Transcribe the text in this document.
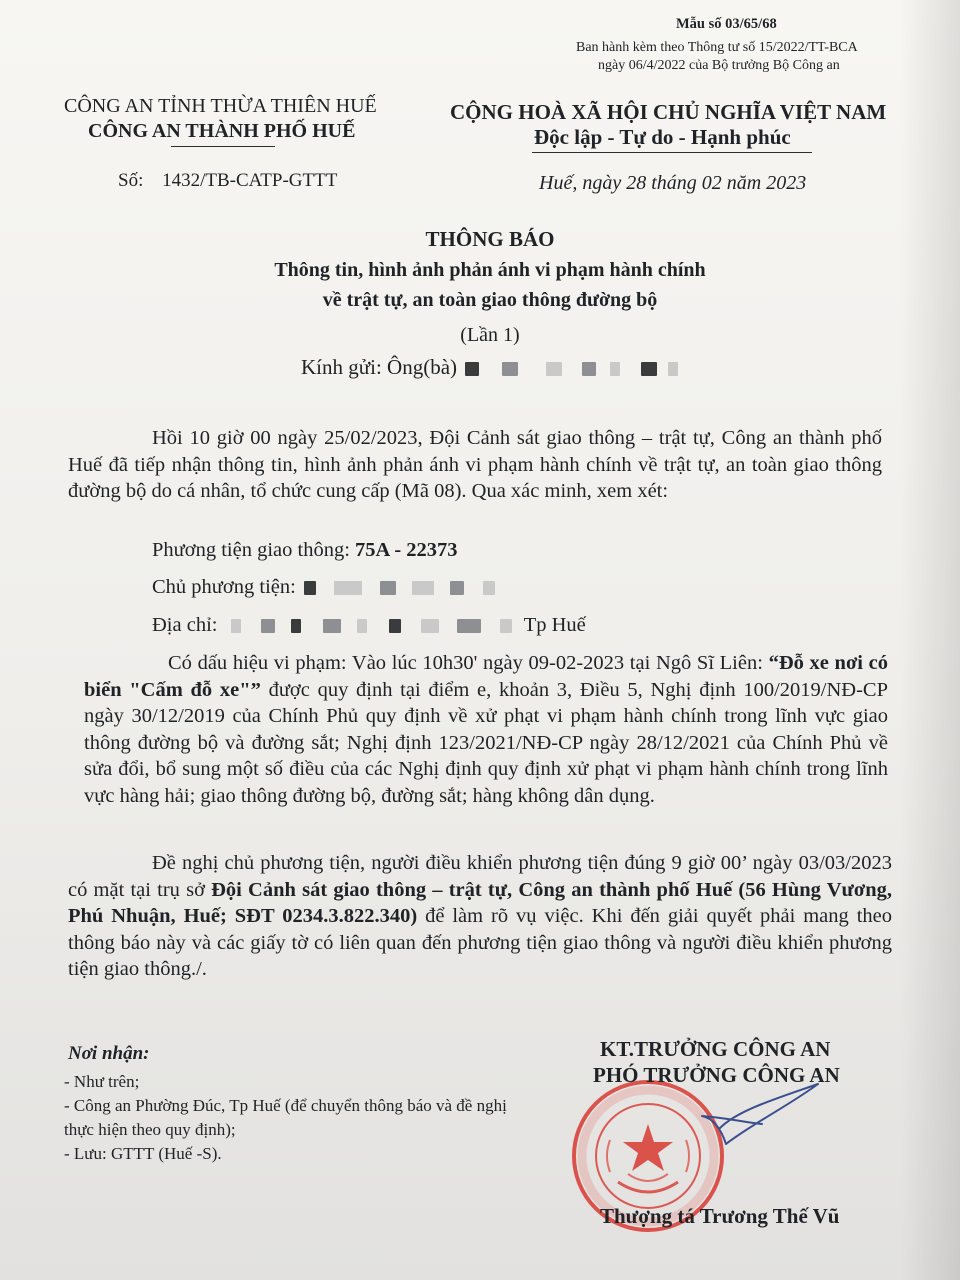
Mẫu số 03/65/68
Ban hành kèm theo Thông tư số 15/2022/TT-BCA
ngày 06/4/2022 của Bộ trưởng Bộ Công an
CÔNG AN TỈNH THỪA THIÊN HUẾ
CÔNG AN THÀNH PHỐ HUẾ
Số: 1432/TB-CATP-GTTT
CỘNG HOÀ XÃ HỘI CHỦ NGHĨA VIỆT NAM
Độc lập - Tự do - Hạnh phúc
Huế, ngày 28 tháng 02 năm 2023
THÔNG BÁO
Thông tin, hình ảnh phản ánh vi phạm hành chính
về trật tự, an toàn giao thông đường bộ
(Lần 1)
Kính gửi: Ông(bà)
Hồi 10 giờ 00 ngày 25/02/2023, Đội Cảnh sát giao thông – trật tự, Công an thành phố Huế đã tiếp nhận thông tin, hình ảnh phản ánh vi phạm hành chính về trật tự, an toàn giao thông đường bộ do cá nhân, tổ chức cung cấp (Mã 08). Qua xác minh, xem xét:
Phương tiện giao thông: 75A - 22373
Chủ phương tiện:
Địa chỉ:	Tp Huế
Có dấu hiệu vi phạm: Vào lúc 10h30' ngày 09-02-2023 tại Ngô Sĩ Liên: “Đỗ xe nơi có biển "Cấm đỗ xe"” được quy định tại điểm e, khoản 3, Điều 5, Nghị định 100/2019/NĐ-CP ngày 30/12/2019 của Chính Phủ quy định về xử phạt vi phạm hành chính trong lĩnh vực giao thông đường bộ và đường sắt; Nghị định 123/2021/NĐ-CP ngày 28/12/2021 của Chính Phủ về sửa đổi, bổ sung một số điều của các Nghị định quy định xử phạt vi phạm hành chính trong lĩnh vực hàng hải; giao thông đường bộ, đường sắt; hàng không dân dụng.
Đề nghị chủ phương tiện, người điều khiển phương tiện đúng 9 giờ 00’ ngày 03/03/2023 có mặt tại trụ sở Đội Cảnh sát giao thông – trật tự, Công an thành phố Huế (56 Hùng Vương, Phú Nhuận, Huế; SĐT 0234.3.822.340) để làm rõ vụ việc. Khi đến giải quyết phải mang theo thông báo này và các giấy tờ có liên quan đến phương tiện giao thông và người điều khiển phương tiện giao thông./.
Nơi nhận:
- Như trên;
- Công an Phường Đúc, Tp Huế (để chuyển thông báo và đề nghị thực hiện theo quy định);
- Lưu: GTTT (Huế -S).
KT.TRƯỞNG CÔNG AN
PHÓ TRƯỞNG CÔNG AN
Thượng tá Trương Thế Vũ
